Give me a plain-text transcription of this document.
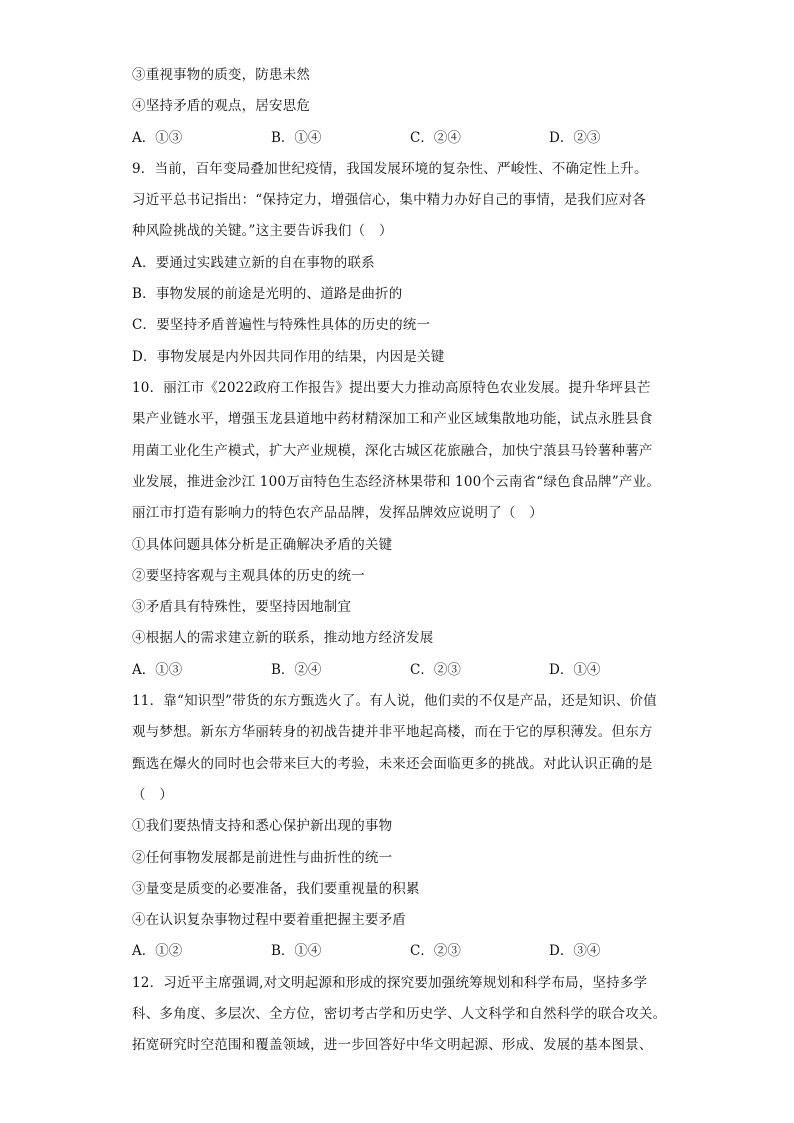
③重视事物的质变，防患未然
④坚持矛盾的观点，居安思危
A．①③	B．①④	C．②④	D．②③
9．当前，百年变局叠加世纪疫情，我国发展环境的复杂性、严峻性、不确定性上升。
习近平总书记指出：“保持定力，增强信心，集中精力办好自己的事情，是我们应对各
种风险挑战的关键。”这主要告诉我们（　）
A．要通过实践建立新的自在事物的联系
B．事物发展的前途是光明的、道路是曲折的
C．要坚持矛盾普遍性与特殊性具体的历史的统一
D．事物发展是内外因共同作用的结果，内因是关键
10．丽江市《2022政府工作报告》提出要大力推动高原特色农业发展。提升华坪县芒
果产业链水平，增强玉龙县道地中药材精深加工和产业区域集散地功能，试点永胜县食
用菌工业化生产模式，扩大产业规模，深化古城区花旅融合，加快宁蒗县马铃薯种薯产
业发展，推进金沙江 100万亩特色生态经济林果带和 100个云南省“绿色食品牌”产业。
丽江市打造有影响力的特色农产品品牌，发挥品牌效应说明了（　）
①具体问题具体分析是正确解决矛盾的关键
②要坚持客观与主观具体的历史的统一
③矛盾具有特殊性，要坚持因地制宜
④根据人的需求建立新的联系，推动地方经济发展
A．①③	B．②④	C．②③	D．①④
11．靠“知识型”带货的东方甄选火了。有人说，他们卖的不仅是产品，还是知识、价值
观与梦想。新东方华丽转身的初战告捷并非平地起高楼，而在于它的厚积薄发。但东方
甄选在爆火的同时也会带来巨大的考验，未来还会面临更多的挑战。对此认识正确的是
（　）
①我们要热情支持和悉心保护新出现的事物
②任何事物发展都是前进性与曲折性的统一
③量变是质变的必要准备，我们要重视量的积累
④在认识复杂事物过程中要着重把握主要矛盾
A．①②	B．①④	C．②③	D．③④
12．习近平主席强调,对文明起源和形成的探究要加强统筹规划和科学布局，坚持多学
科、多角度、多层次、全方位，密切考古学和历史学、人文科学和自然科学的联合攻关。
拓宽研究时空范围和覆盖领域，进一步回答好中华文明起源、形成、发展的基本图景、
